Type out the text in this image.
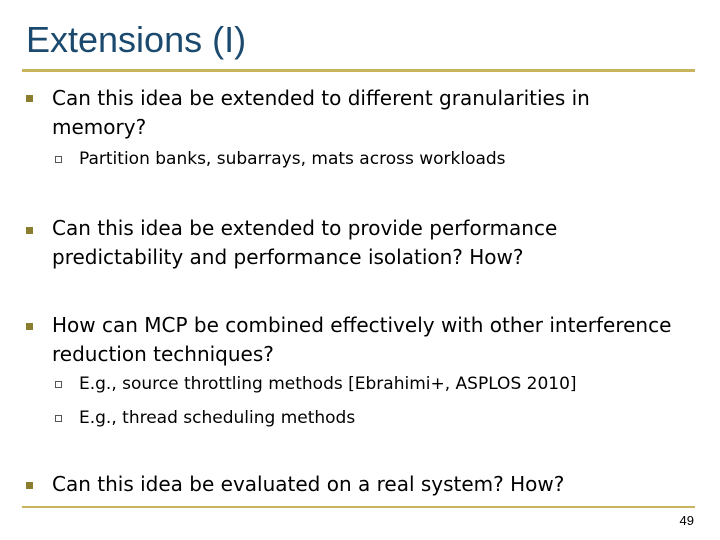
Extensions (I)
Can this idea be extended to different granularities in memory?
Partition banks, subarrays, mats across workloads
Can this idea be extended to provide performance predictability and performance isolation? How?
How can MCP be combined effectively with other interference reduction techniques?
E.g., source throttling methods [Ebrahimi+, ASPLOS 2010]
E.g., thread scheduling methods
Can this idea be evaluated on a real system? How?
49
